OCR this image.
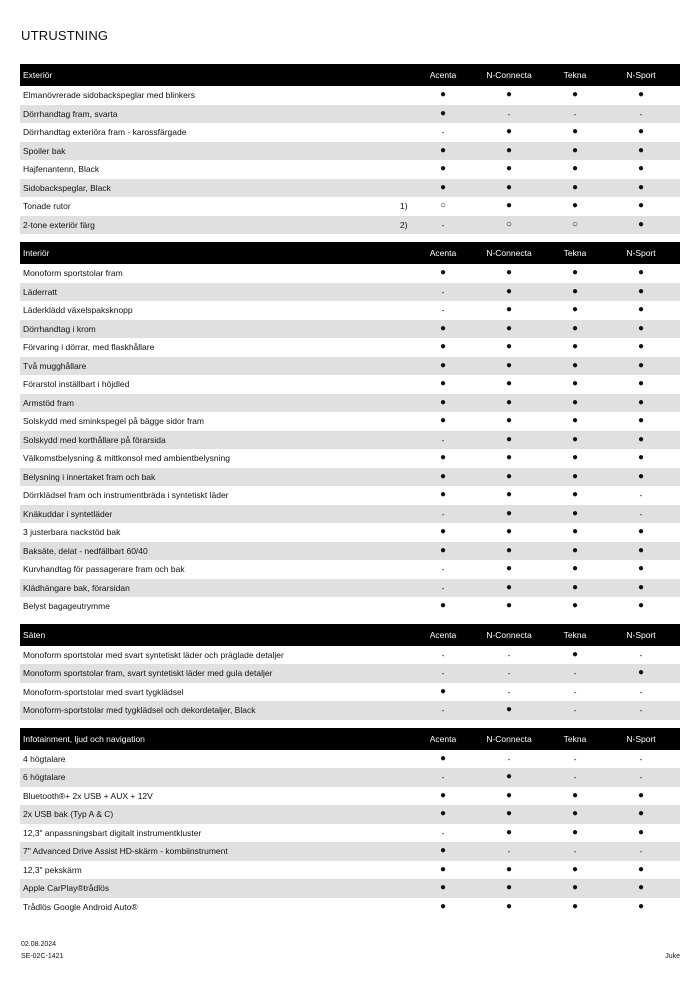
UTRUSTNING
Exteriör	Acenta	N-Connecta	Tekna	N-Sport
Elmanövrerade sidobackspeglar med blinkers	●	●	●	●
Dörrhandtag fram, svarta	●	-	-	-
Dörrhandtag exteriöra fram - karossfärgade	-	●	●	●
Spoiler bak	●	●	●	●
Hajfenantenn, Black	●	●	●	●
Sidobackspeglar, Black	●	●	●	●
Tonade rutor	1)	○	●	●	●
2-tone exteriör färg	2)	-	○	○	●
Interiör	Acenta	N-Connecta	Tekna	N-Sport
Monoform sportstolar fram	●	●	●	●
Läderratt	-	●	●	●
Läderklädd växelspaksknopp	-	●	●	●
Dörrhandtag i krom	●	●	●	●
Förvaring i dörrar, med flaskhållare	●	●	●	●
Två mugghållare	●	●	●	●
Förarstol inställbart i höjdled	●	●	●	●
Armstöd fram	●	●	●	●
Solskydd med sminkspegel på bägge sidor fram	●	●	●	●
Solskydd med korthållare på förarsida	-	●	●	●
Välkomstbelysning & mittkonsol med ambientbelysning	●	●	●	●
Belysning i innertaket fram och bak	●	●	●	●
Dörrklädsel fram och instrumentbräda i syntetiskt läder	●	●	●	-
Knäkuddar i syntetläder	-	●	●	-
3 justerbara nackstöd bak	●	●	●	●
Baksäte, delat - nedfällbart 60/40	●	●	●	●
Kurvhandtag för passagerare fram och bak	-	●	●	●
Klädhängare bak, förarsidan	-	●	●	●
Belyst bagageutrymme	●	●	●	●
Säten	Acenta	N-Connecta	Tekna	N-Sport
Monoform sportstolar med svart syntetiskt läder och präglade detaljer	-	-	●	-
Monoform sportstolar fram, svart syntetiskt läder med gula detaljer	-	-	-	●
Monoform-sportstolar med svart tygklädsel	●	-	-	-
Monoform-sportstolar med tygklädsel och dekordetaljer, Black	-	●	-	-
Infotainment, ljud och navigation	Acenta	N-Connecta	Tekna	N-Sport
4 högtalare	●	-	-	-
6 högtalare	-	●	-	-
Bluetooth®+ 2x USB + AUX + 12V	●	●	●	●
2x USB bak (Typ A & C)	●	●	●	●
12,3" anpassningsbart digitalt instrumentkluster	-	●	●	●
7" Advanced Drive Assist HD-skärm - kombiinstrument	●	-	-	-
12,3" pekskärm	●	●	●	●
Apple CarPlay®trådlös	●	●	●	●
Trådlös Google Android Auto®	●	●	●	●
02.08.2024
SE-02C-1421	Juke
